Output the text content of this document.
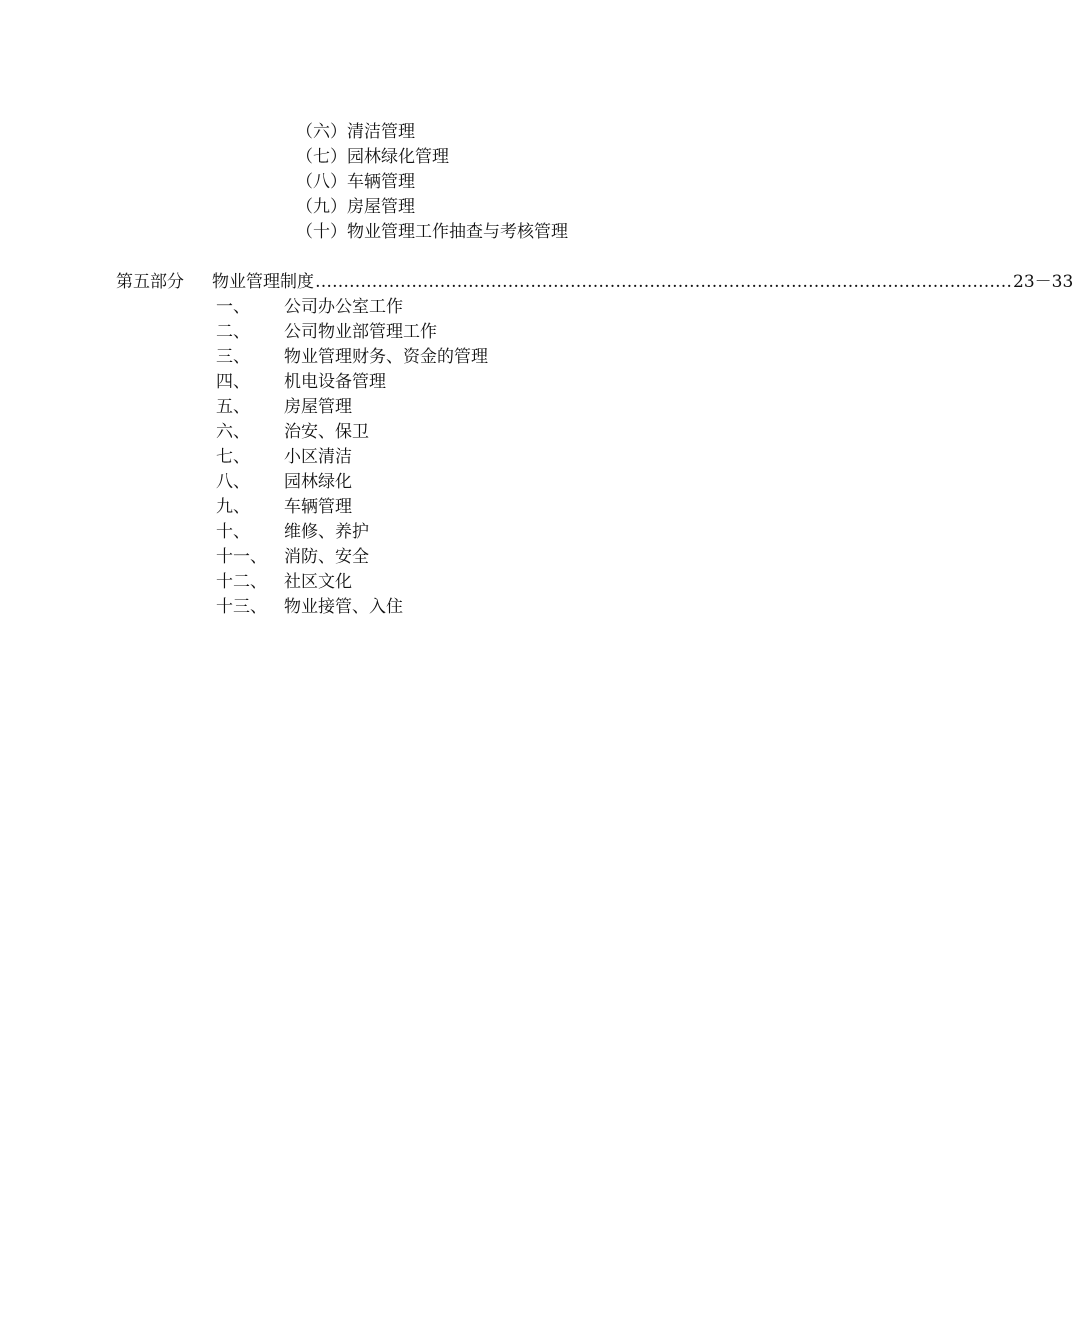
（六）清洁管理
（七）园林绿化管理
（八）车辆管理
（九）房屋管理
（十）物业管理工作抽查与考核管理
第五部分	物业管理制度 …………………………………………………………………………………………………………… 23－33
一、	公司办公室工作
二、	公司物业部管理工作
三、	物业管理财务、资金的管理
四、	机电设备管理
五、	房屋管理
六、	治安、保卫
七、	小区清洁
八、	园林绿化
九、	车辆管理
十、	维修、养护
十一、	消防、安全
十二、	社区文化
十三、	物业接管、入住
